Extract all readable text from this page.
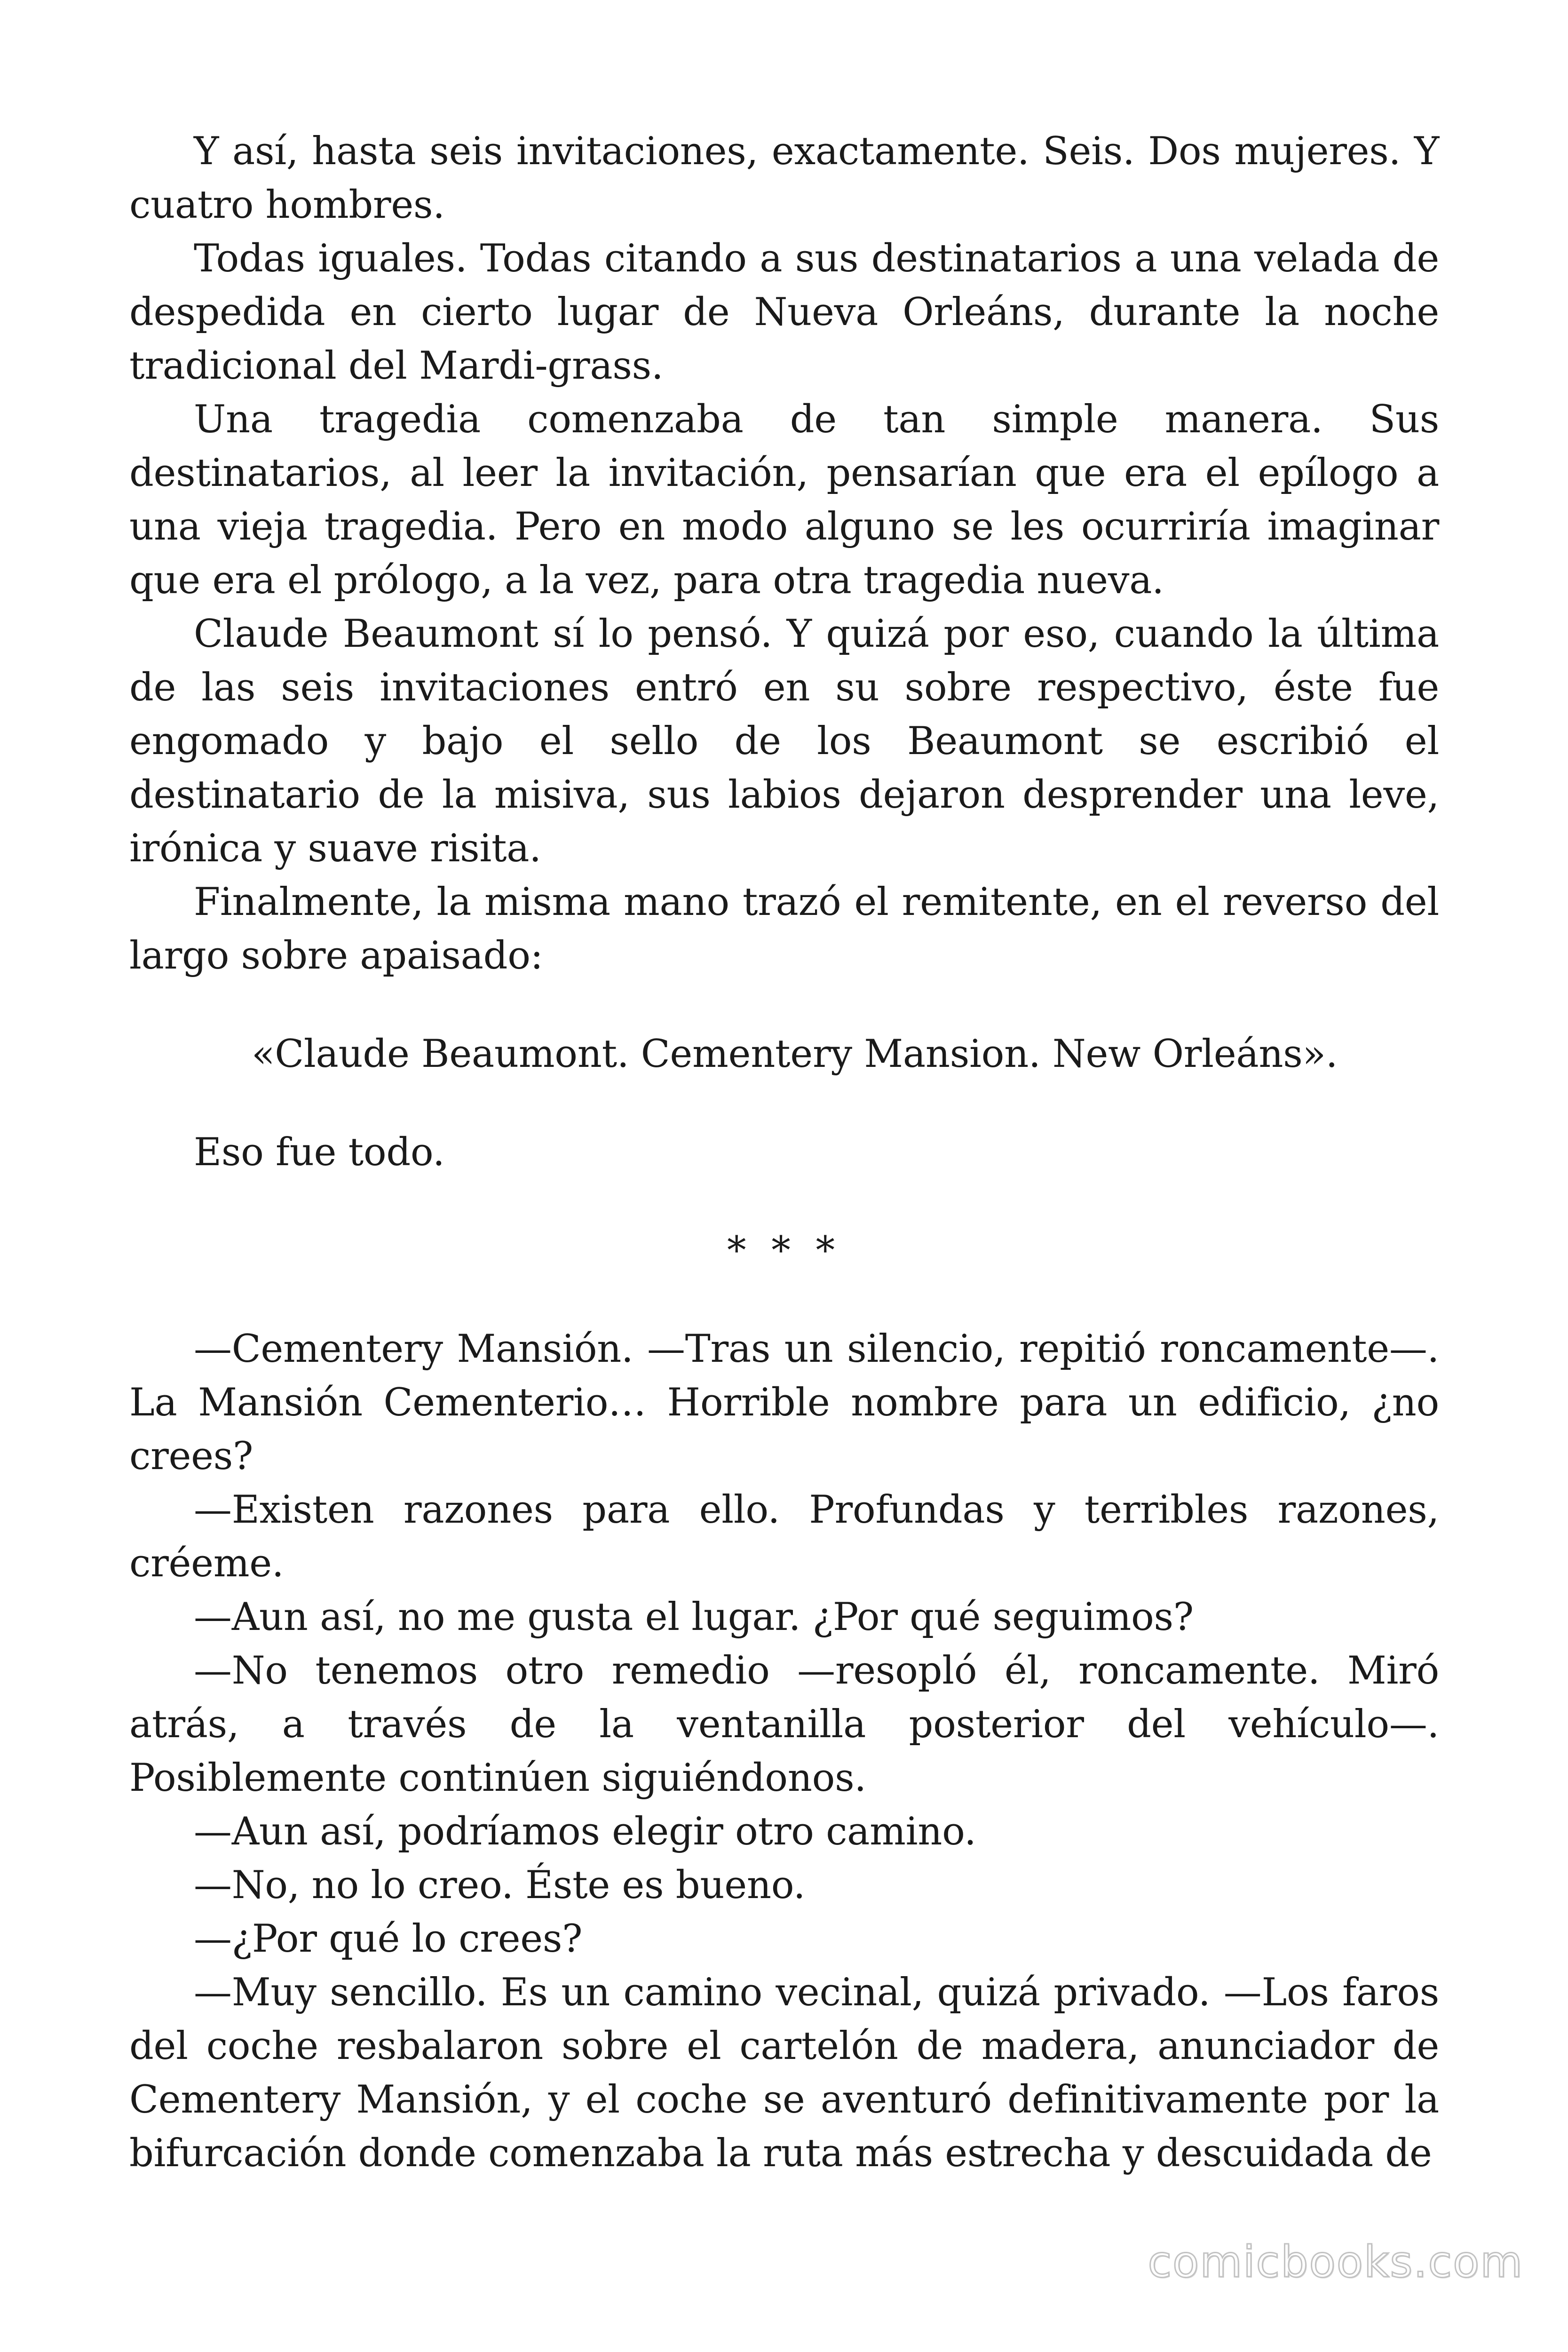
Y así, hasta seis invitaciones, exactamente. Seis. Dos mujeres. Y cuatro hombres.

Todas iguales. Todas citando a sus destinatarios a una velada de despedida en cierto lugar de Nueva Orleáns, durante la noche tradicional del Mardi-grass.

Una tragedia comenzaba de tan simple manera. Sus destinatarios, al leer la invitación, pensarían que era el epílogo a una vieja tragedia. Pero en modo alguno se les ocurriría imaginar que era el prólogo, a la vez, para otra tragedia nueva.

Claude Beaumont sí lo pensó. Y quizá por eso, cuando la última de las seis invitaciones entró en su sobre respectivo, éste fue engomado y bajo el sello de los Beaumont se escribió el destinatario de la misiva, sus labios dejaron desprender una leve, irónica y suave risita.

Finalmente, la misma mano trazó el remitente, en el reverso del largo sobre apaisado:

«Claude Beaumont. Cementery Mansion. New Orleáns».

Eso fue todo.

* * *

—Cementery Mansión. —Tras un silencio, repitió roncamente—. La Mansión Cementerio… Horrible nombre para un edificio, ¿no crees?

—Existen razones para ello. Profundas y terribles razones, créeme.

—Aun así, no me gusta el lugar. ¿Por qué seguimos?

—No tenemos otro remedio —resopló él, roncamente. Miró atrás, a través de la ventanilla posterior del vehículo—. Posiblemente continúen siguiéndonos.

—Aun así, podríamos elegir otro camino.

—No, no lo creo. Éste es bueno.

—¿Por qué lo crees?

—Muy sencillo. Es un camino vecinal, quizá privado. —Los faros del coche resbalaron sobre el cartelón de madera, anunciador de Cementery Mansión, y el coche se aventuró definitivamente por la bifurcación donde comenzaba la ruta más estrecha y descuidada de

comicbooks.com
